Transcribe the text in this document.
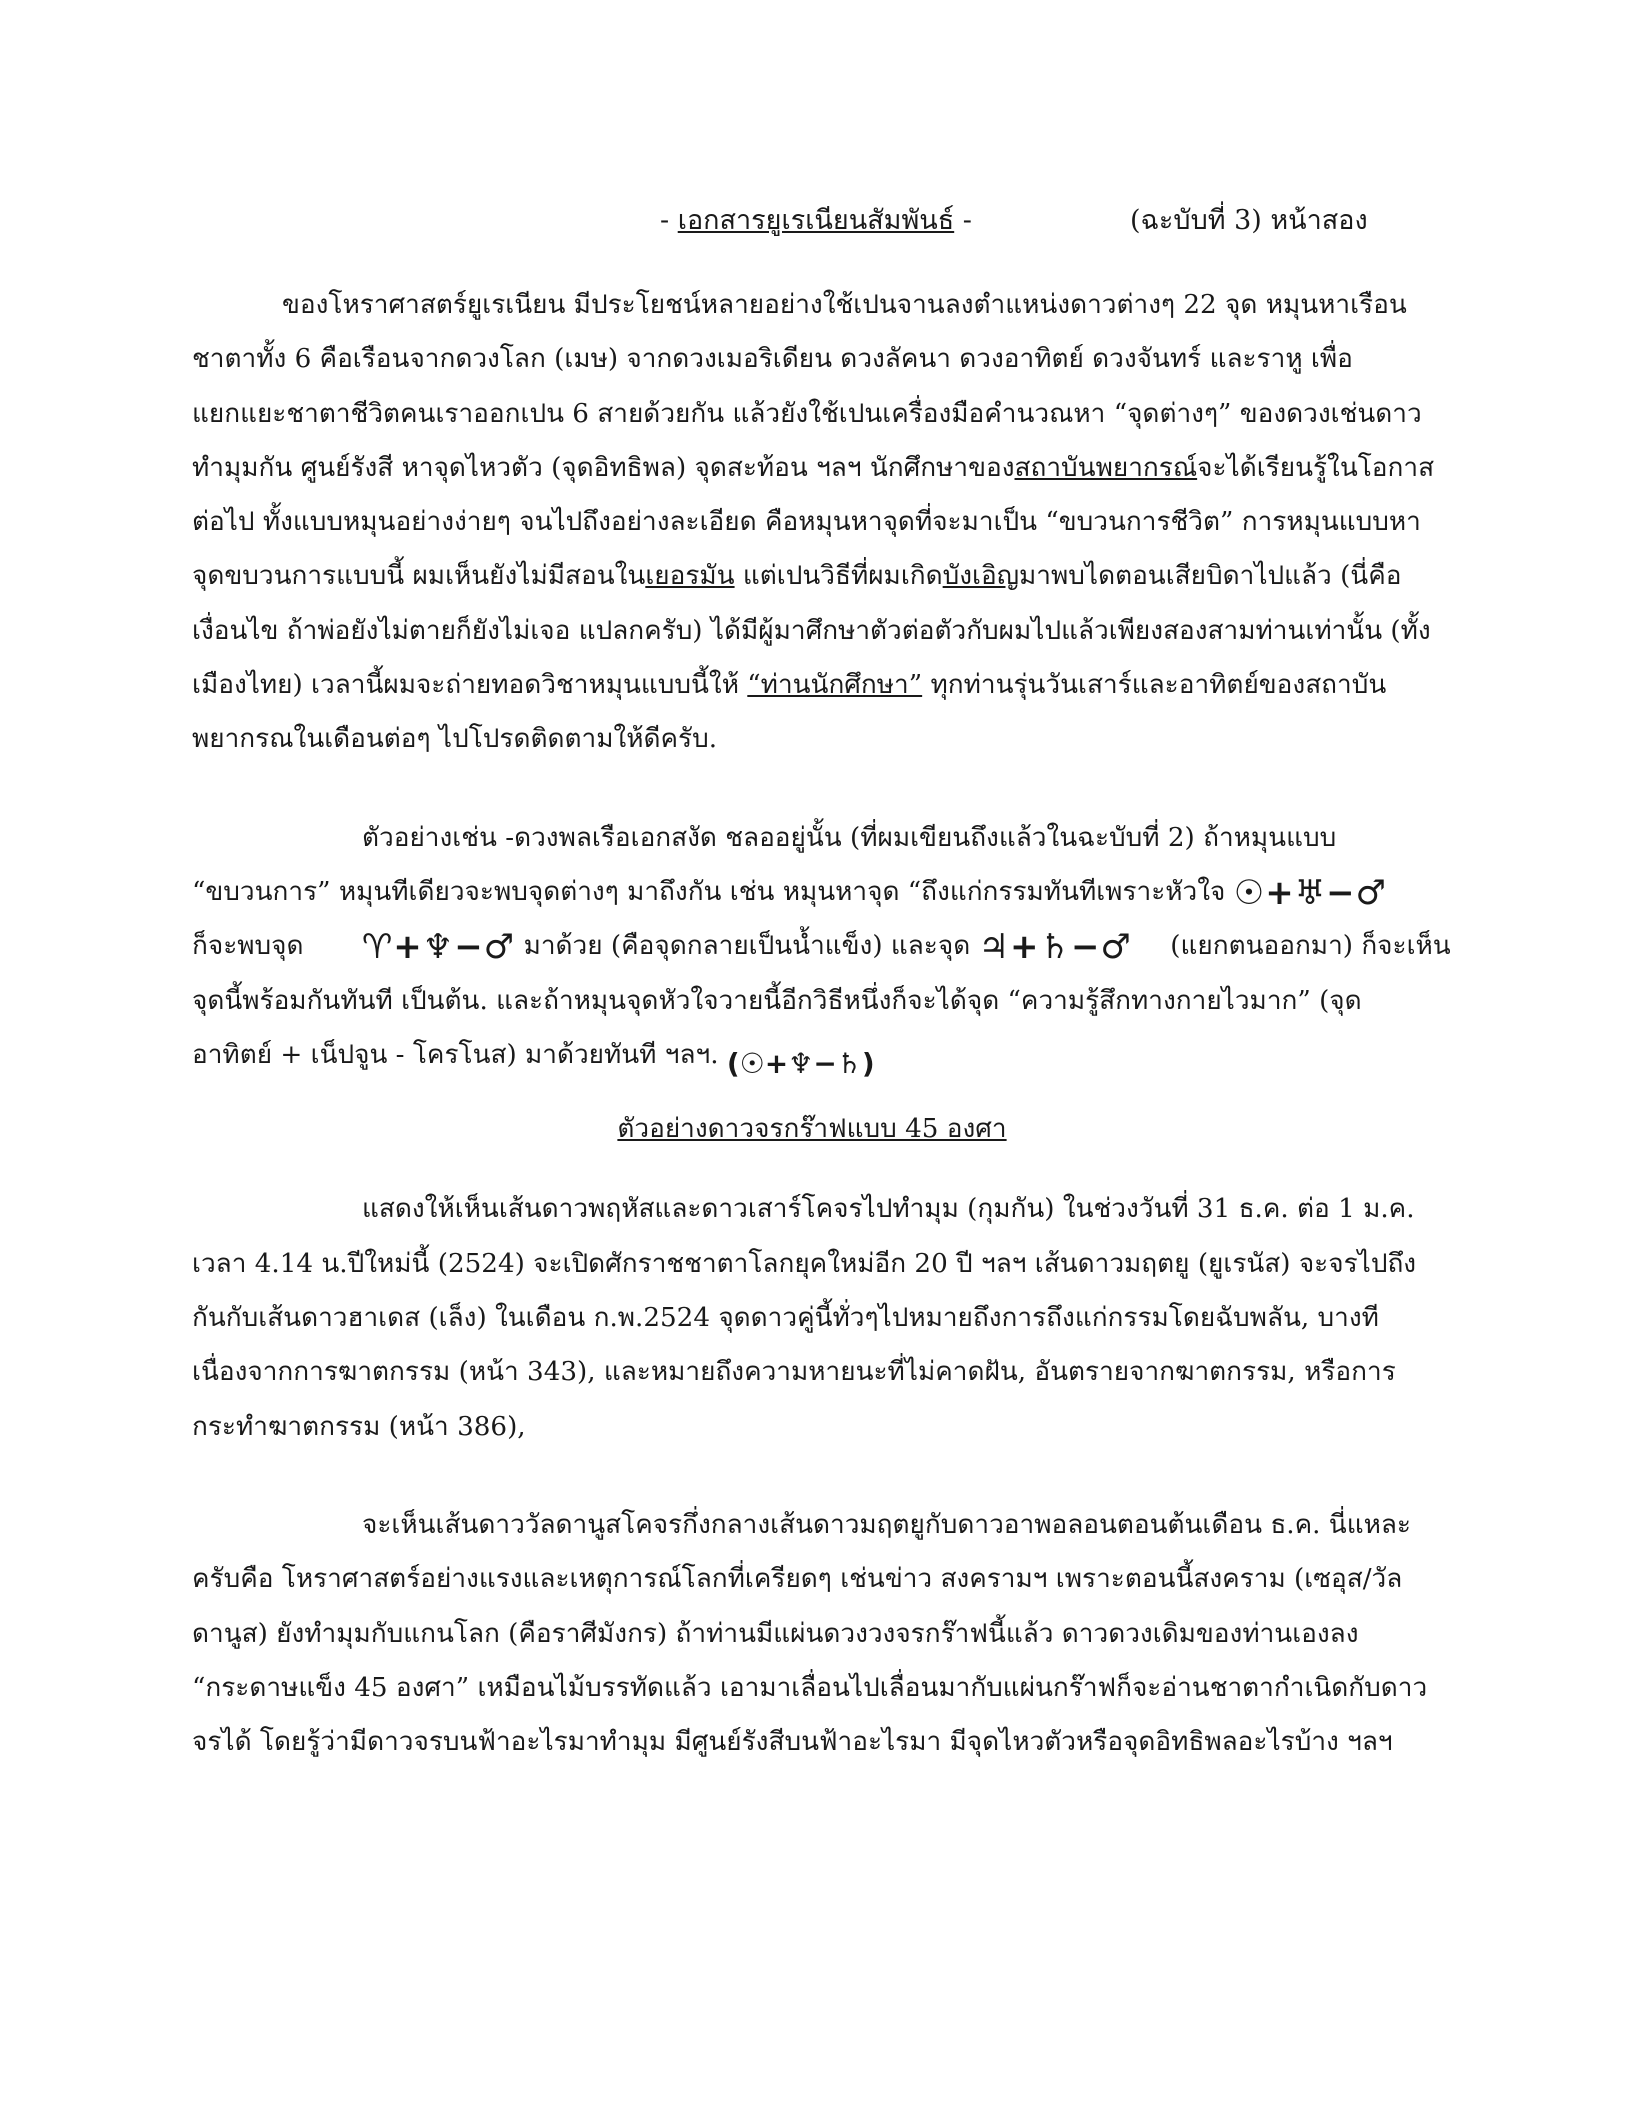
- เอกสารยูเรเนียนสัมพันธ์ -	(ฉะบับที่ 3) หน้าสอง
ของโหราศาสตร์ยูเรเนียน มีประโยชน์หลายอย่างใช้เปนจานลงตำแหน่งดาวต่างๆ 22 จุด หมุนหาเรือน
ชาตาทั้ง 6 คือเรือนจากดวงโลก (เมษ) จากดวงเมอริเดียน ดวงลัคนา ดวงอาทิตย์ ดวงจันทร์ และราหู เพื่อ
แยกแยะชาตาชีวิตคนเราออกเปน 6 สายด้วยกัน แล้วยังใช้เปนเครื่องมือคำนวณหา “จุดต่างๆ” ของดวงเช่นดาว
ทำมุมกัน ศูนย์รังสี หาจุดไหวตัว (จุดอิทธิพล) จุดสะท้อน ฯลฯ นักศึกษาของสถาบันพยากรณ์จะได้เรียนรู้ในโอกาส
ต่อไป ทั้งแบบหมุนอย่างง่ายๆ จนไปถึงอย่างละเอียด คือหมุนหาจุดที่จะมาเป็น “ขบวนการชีวิต” การหมุนแบบหา
จุดขบวนการแบบนี้ ผมเห็นยังไม่มีสอนในเยอรมัน แต่เปนวิธีที่ผมเกิดบังเอิญมาพบไดตอนเสียบิดาไปแล้ว (นี่คือ
เงื่อนไข ถ้าพ่อยังไม่ตายก็ยังไม่เจอ แปลกครับ) ได้มีผู้มาศึกษาตัวต่อตัวกับผมไปแล้วเพียงสองสามท่านเท่านั้น (ทั้ง
เมืองไทย) เวลานี้ผมจะถ่ายทอดวิชาหมุนแบบนี้ให้ “ท่านนักศึกษา” ทุกท่านรุ่นวันเสาร์และอาทิตย์ของสถาบัน
พยากรณในเดือนต่อๆ ไปโปรดติดตามให้ดีครับ.
ตัวอย่างเช่น -ดวงพลเรือเอกสงัด ชลออยู่นั้น (ที่ผมเขียนถึงแล้วในฉะบับที่ 2) ถ้าหมุนแบบ
“ขบวนการ” หมุนทีเดียวจะพบจุดต่างๆ มาถึงกัน เช่น หมุนหาจุด “ถึงแก่กรรมทันทีเพราะหัวใจ ☉+♅−♂
ก็จะพบจุด ♈+♆−♂ มาด้วย (คือจุดกลายเป็นน้ำแข็ง) และจุด ♃+♄−♂ (แยกตนออกมา) ก็จะเห็น
จุดนี้พร้อมกันทันที เป็นต้น. และถ้าหมุนจุดหัวใจวายนี้อีกวิธีหนึ่งก็จะได้จุด “ความรู้สึกทางกายไวมาก” (จุด
อาทิตย์ + เน็ปจูน - โครโนส) มาด้วยทันที ฯลฯ. (☉+♆−♄)
ตัวอย่างดาวจรกร๊าฟแบบ 45 องศา
แสดงให้เห็นเส้นดาวพฤหัสและดาวเสาร์โคจรไปทำมุม (กุมกัน) ในช่วงวันที่ 31 ธ.ค. ต่อ 1 ม.ค.
เวลา 4.14 น.ปีใหม่นี้ (2524) จะเปิดศักราชชาตาโลกยุคใหม่อีก 20 ปี ฯลฯ เส้นดาวมฤตยู (ยูเรนัส) จะจรไปถึง
กันกับเส้นดาวฮาเดส (เล็ง) ในเดือน ก.พ.2524 จุดดาวคู่นี้ทั่วๆไปหมายถึงการถึงแก่กรรมโดยฉับพลัน, บางที
เนื่องจากการฆาตกรรม (หน้า 343), และหมายถึงความหายนะที่ไม่คาดฝัน, อันตรายจากฆาตกรรม, หรือการ
กระทำฆาตกรรม (หน้า 386),
จะเห็นเส้นดาววัลดานูสโคจรกึ่งกลางเส้นดาวมฤตยูกับดาวอาพอลอนตอนต้นเดือน ธ.ค. นี่แหละ
ครับคือ โหราศาสตร์อย่างแรงและเหตุการณ์โลกที่เครียดๆ เช่นข่าว สงครามฯ เพราะตอนนี้สงคราม (เซอุส/วัล
ดานูส) ยังทำมุมกับแกนโลก (คือราศีมังกร) ถ้าท่านมีแผ่นดวงวงจรกร๊าฟนี้แล้ว ดาวดวงเดิมของท่านเองลง
“กระดาษแข็ง 45 องศา” เหมือนไม้บรรทัดแล้ว เอามาเลื่อนไปเลื่อนมากับแผ่นกร๊าฟก็จะอ่านชาตากำเนิดกับดาว
จรได้ โดยรู้ว่ามีดาวจรบนฟ้าอะไรมาทำมุม มีศูนย์รังสีบนฟ้าอะไรมา มีจุดไหวตัวหรือจุดอิทธิพลอะไรบ้าง ฯลฯ
